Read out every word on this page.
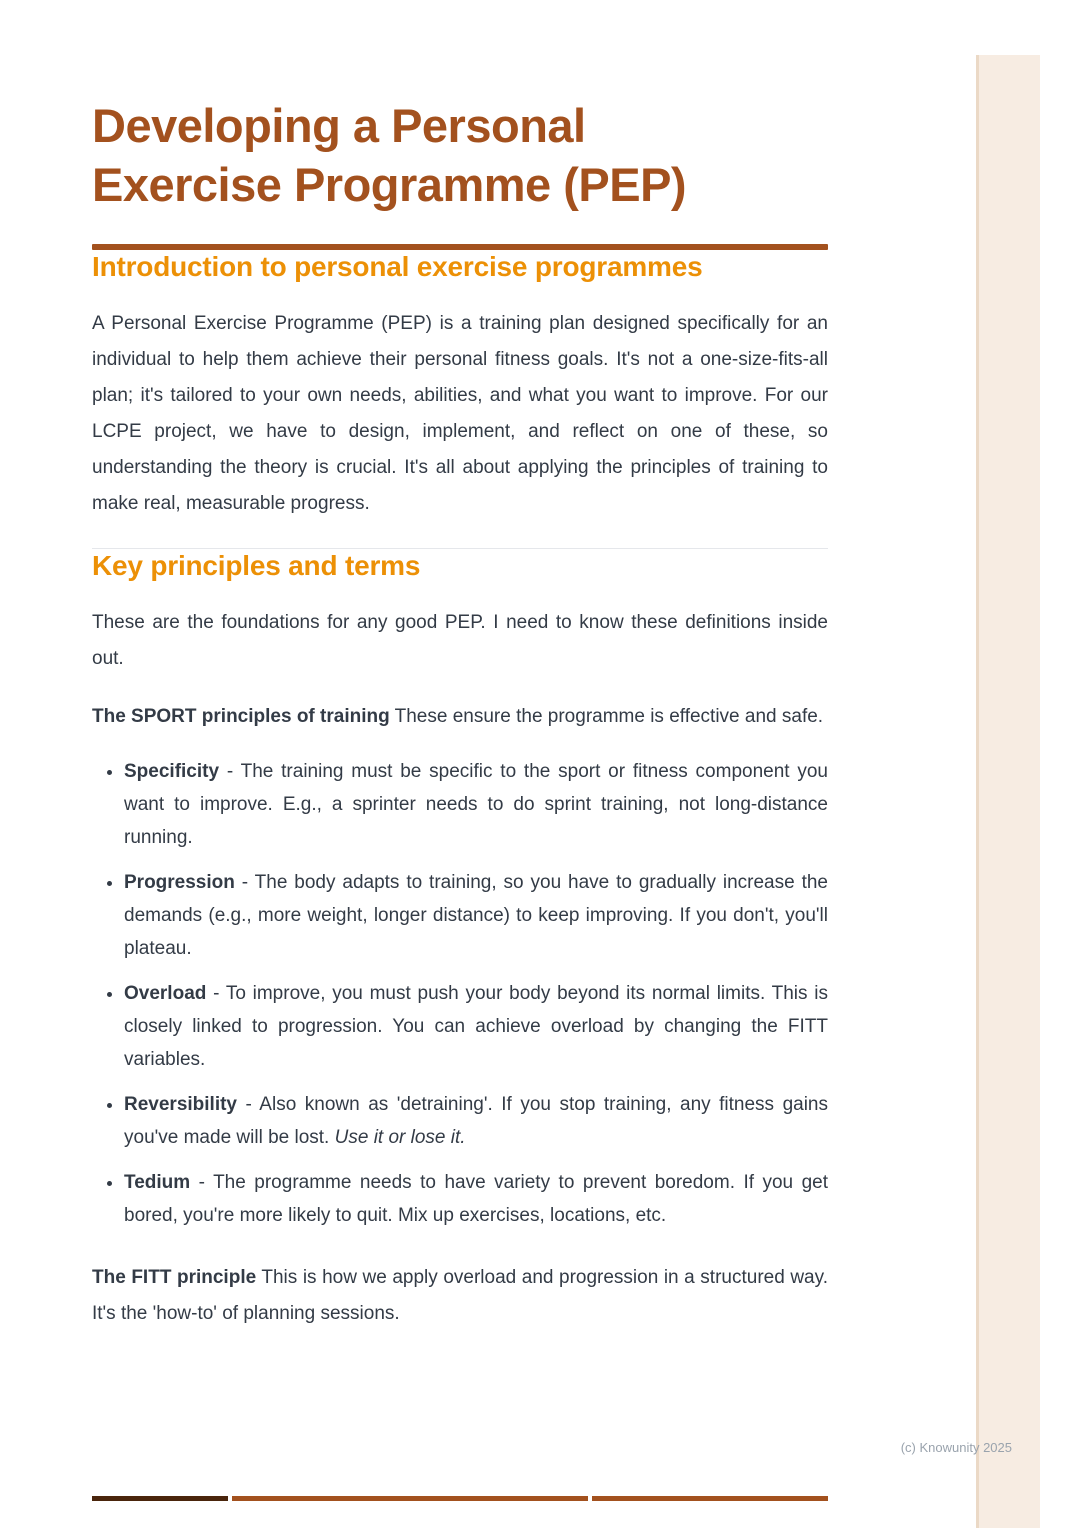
Developing a Personal
Exercise Programme (PEP)
Introduction to personal exercise programmes

A Personal Exercise Programme (PEP) is a training plan designed specifically for an individual to help them achieve their personal fitness goals. It's not a one-size-fits-all plan; it's tailored to your own needs, abilities, and what you want to improve. For our LCPE project, we have to design, implement, and reflect on one of these, so understanding the theory is crucial. It's all about applying the principles of training to make real, measurable progress.

Key principles and terms

These are the foundations for any good PEP. I need to know these definitions inside out.

The SPORT principles of training These ensure the programme is effective and safe.

• Specificity - The training must be specific to the sport or fitness component you want to improve. E.g., a sprinter needs to do sprint training, not long-distance running.
• Progression - The body adapts to training, so you have to gradually increase the demands (e.g., more weight, longer distance) to keep improving. If you don't, you'll plateau.
• Overload - To improve, you must push your body beyond its normal limits. This is closely linked to progression. You can achieve overload by changing the FITT variables.
• Reversibility - Also known as 'detraining'. If you stop training, any fitness gains you've made will be lost. Use it or lose it.
• Tedium - The programme needs to have variety to prevent boredom. If you get bored, you're more likely to quit. Mix up exercises, locations, etc.

The FITT principle This is how we apply overload and progression in a structured way. It's the 'how-to' of planning sessions.

(c) Knowunity 2025
